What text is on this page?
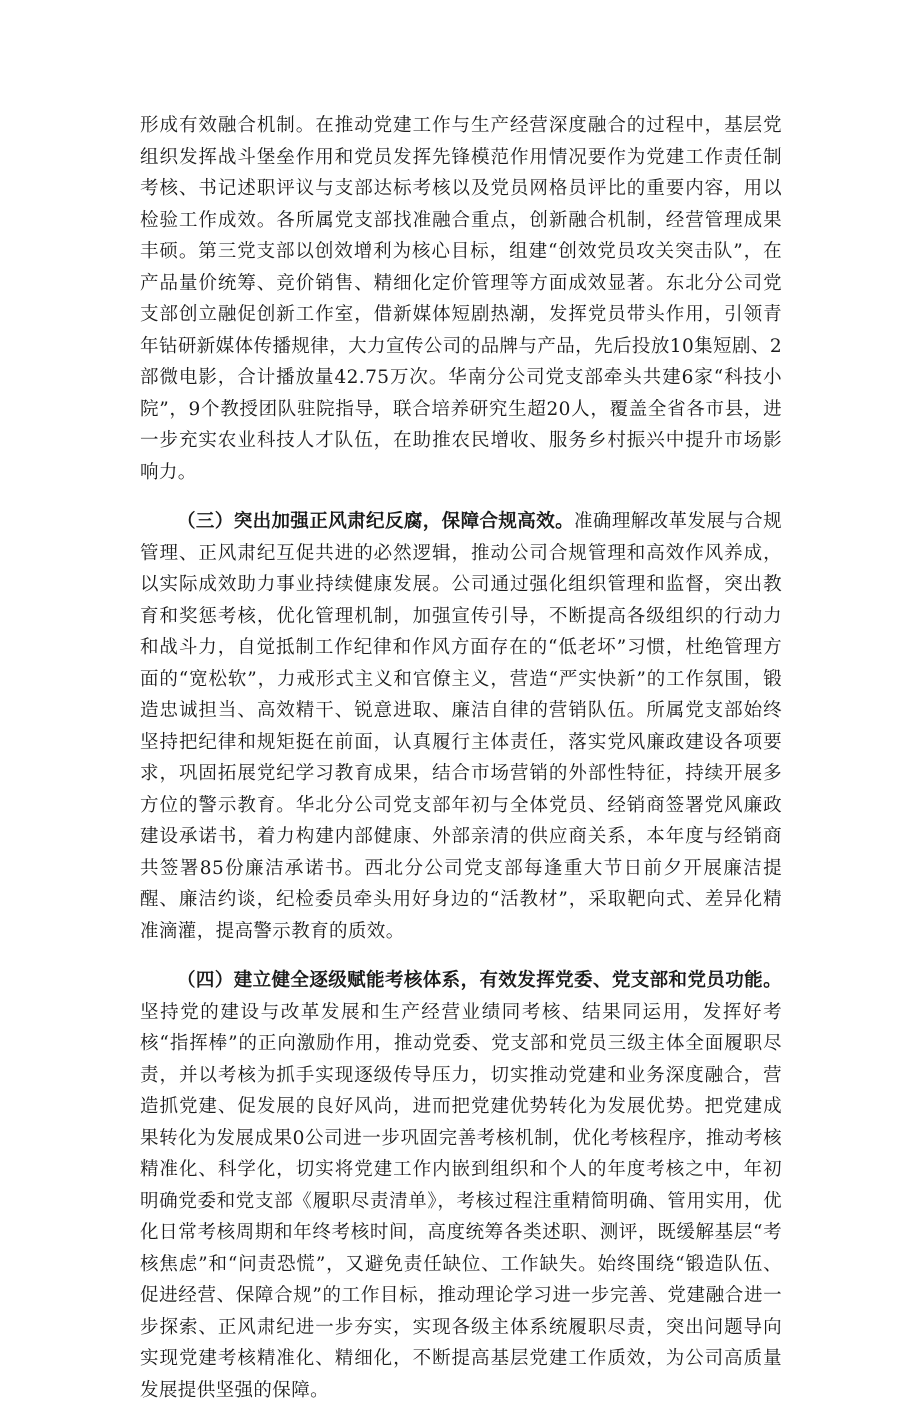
形成有效融合机制。在推动党建工作与生产经营深度融合的过程中，基层党组织发挥战斗堡垒作用和党员发挥先锋模范作用情况要作为党建工作责任制考核、书记述职评议与支部达标考核以及党员网格员评比的重要内容，用以检验工作成效。各所属党支部找准融合重点，创新融合机制，经营管理成果丰硕。第三党支部以创效增利为核心目标，组建“创效党员攻关突击队”，在产品量价统筹、竞价销售、精细化定价管理等方面成效显著。东北分公司党支部创立融促创新工作室，借新媒体短剧热潮，发挥党员带头作用，引领青年钻研新媒体传播规律，大力宣传公司的品牌与产品，先后投放10集短剧、2部微电影，合计播放量42.75万次。华南分公司党支部牵头共建6家“科技小院”，9个教授团队驻院指导，联合培养研究生超20人，覆盖全省各市县，进一步充实农业科技人才队伍，在助推农民增收、服务乡村振兴中提升市场影响力。

（三）突出加强正风肃纪反腐，保障合规高效。准确理解改革发展与合规管理、正风肃纪互促共进的必然逻辑，推动公司合规管理和高效作风养成，以实际成效助力事业持续健康发展。公司通过强化组织管理和监督，突出教育和奖惩考核，优化管理机制，加强宣传引导，不断提高各级组织的行动力和战斗力，自觉抵制工作纪律和作风方面存在的“低老坏”习惯，杜绝管理方面的“宽松软”，力戒形式主义和官僚主义，营造“严实快新”的工作氛围，锻造忠诚担当、高效精干、锐意进取、廉洁自律的营销队伍。所属党支部始终坚持把纪律和规矩挺在前面，认真履行主体责任，落实党风廉政建设各项要求，巩固拓展党纪学习教育成果，结合市场营销的外部性特征，持续开展多方位的警示教育。华北分公司党支部年初与全体党员、经销商签署党风廉政建设承诺书，着力构建内部健康、外部亲清的供应商关系，本年度与经销商共签署85份廉洁承诺书。西北分公司党支部每逢重大节日前夕开展廉洁提醒、廉洁约谈，纪检委员牵头用好身边的“活教材”，采取靶向式、差异化精准滴灌，提高警示教育的质效。

（四）建立健全逐级赋能考核体系，有效发挥党委、党支部和党员功能。坚持党的建设与改革发展和生产经营业绩同考核、结果同运用，发挥好考核“指挥棒”的正向激励作用，推动党委、党支部和党员三级主体全面履职尽责，并以考核为抓手实现逐级传导压力，切实推动党建和业务深度融合，营造抓党建、促发展的良好风尚，进而把党建优势转化为发展优势。把党建成果转化为发展成果0公司进一步巩固完善考核机制，优化考核程序，推动考核精准化、科学化，切实将党建工作内嵌到组织和个人的年度考核之中，年初明确党委和党支部《履职尽责清单》，考核过程注重精简明确、管用实用，优化日常考核周期和年终考核时间，高度统筹各类述职、测评，既缓解基层“考核焦虑”和“问责恐慌”，又避免责任缺位、工作缺失。始终围绕“锻造队伍、促进经营、保障合规”的工作目标，推动理论学习进一步完善、党建融合进一步探索、正风肃纪进一步夯实，实现各级主体系统履职尽责，突出问题导向实现党建考核精准化、精细化，不断提高基层党建工作质效，为公司高质量发展提供坚强的保障。
